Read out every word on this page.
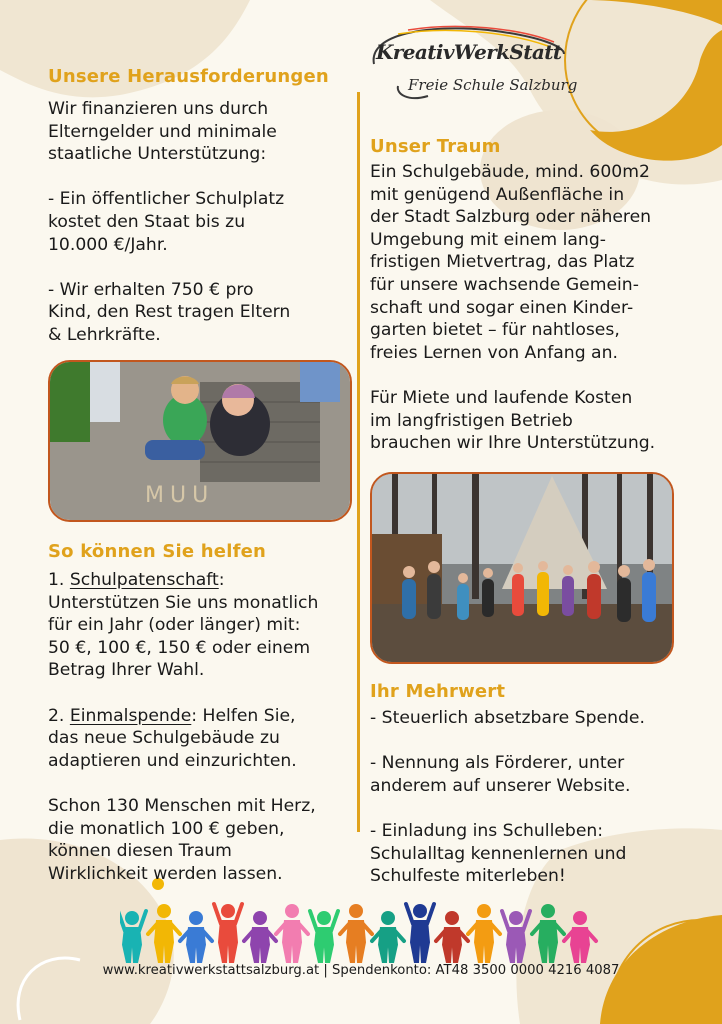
KreativWerkStatt
Freie Schule Salzburg
Unsere Herausforderungen

Wir finanzieren uns durch

Elterngelder und minimale

staatliche Unterstützung:

- Ein öffentlicher Schulplatz

kostet den Staat bis zu

10.000 €/Jahr.

- Wir erhalten 750 € pro

Kind, den Rest tragen Eltern

& Lehrkräfte.

MUU
So können Sie helfen

1. Schulpatenschaft:

Unterstützen Sie uns monatlich

für ein Jahr (oder länger) mit:

50 €, 100 €, 150 € oder einem

Betrag Ihrer Wahl.

2. Einmalspende: Helfen Sie,

das neue Schulgebäude zu

adaptieren und einzurichten.

Schon 130 Menschen mit Herz,

die monatlich 100 € geben,

können diesen Traum

Wirklichkeit werden lassen.

Unser Traum

Ein Schulgebäude, mind. 600m2

mit genügend Außenfläche in

der Stadt Salzburg oder näheren

Umgebung mit einem lang-

fristigen Mietvertrag, das Platz

für unsere wachsende Gemein-

schaft und sogar einen Kinder-

garten bietet – für nahtloses,

freies Lernen von Anfang an.

Für Miete und laufende Kosten

im langfristigen Betrieb

brauchen wir Ihre Unterstützung.

Ihr Mehrwert

- Steuerlich absetzbare Spende.

- Nennung als Förderer, unter

anderem auf unserer Website.

- Einladung ins Schulleben:

Schulalltag kennenlernen und

Schulfeste miterleben!

www.kreativwerkstattsalzburg.at | Spendenkonto: AT48 3500 0000 4216 4087
